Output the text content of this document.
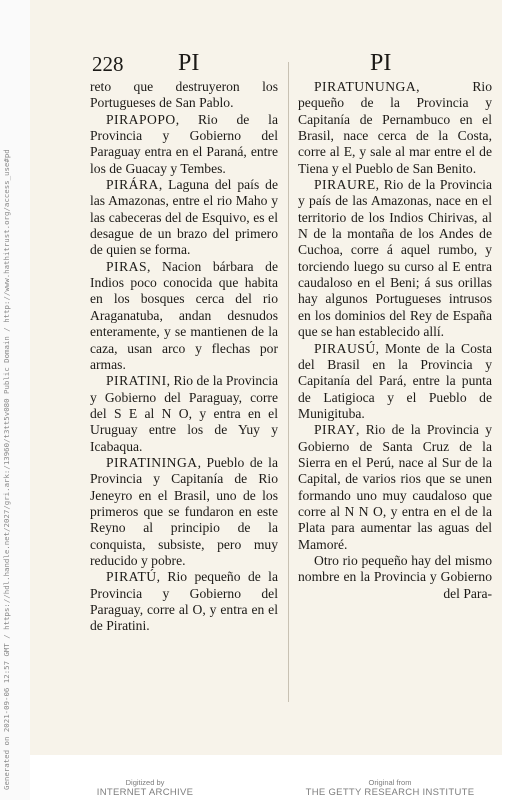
Generated on 2021-09-06 12:57 GMT / https://hdl.handle.net/2027/gri.ark:/13960/t3tt5v080 Public Domain / http://www.hathitrust.org/access_use#pd
228 PI	PI

reto que destruyeron los Portugueses de San Pablo.

PIRAPOPO, Rio de la Provincia y Gobierno del Paraguay entra en el Paraná, entre los de Guacay y Tembes.

PIRÁRA, Laguna del país de las Amazonas, entre el rio Maho y las cabeceras del de Esquivo, es el desague de un brazo del primero de quien se forma.

PIRAS, Nacion bárbara de Indios poco conocida que habita en los bosques cerca del rio Araganatuba, andan desnudos enteramente, y se mantienen de la caza, usan arco y flechas por armas.

PIRATINI, Rio de la Provincia y Gobierno del Paraguay, corre del S E al N O, y entra en el Uruguay entre los de Yuy y Icabaqua.

PIRATININGA, Pueblo de la Provincia y Capitanía de Rio Jeneyro en el Brasil, uno de los primeros que se fundaron en este Reyno al principio de la conquista, subsiste, pero muy reducido y pobre.

PIRATÚ, Rio pequeño de la Provincia y Gobierno del Paraguay, corre al O, y entra en el de Piratini.

PIRATUNUNGA, Rio pequeño de la Provincia y Capitanía de Pernambuco en el Brasil, nace cerca de la Costa, corre al E, y sale al mar entre el de Tiena y el Pueblo de San Benito.

PIRAURE, Rio de la Provincia y país de las Amazonas, nace en el territorio de los Indios Chirivas, al N de la montaña de los Andes de Cuchoa, corre á aquel rumbo, y torciendo luego su curso al E entra caudaloso en el Beni; á sus orillas hay algunos Portugueses intrusos en los dominios del Rey de España que se han establecido allí.

PIRAUSÚ, Monte de la Costa del Brasil en la Provincia y Capitanía del Pará, entre la punta de Latigioca y el Pueblo de Munigituba.

PIRAY, Rio de la Provincia y Gobierno de Santa Cruz de la Sierra en el Perú, nace al Sur de la Capital, de varios rios que se unen formando uno muy caudaloso que corre al N N O, y entra en el de la Plata para aumentar las aguas del Mamoré.

Otro rio pequeño hay del mismo nombre en la Provincia y Gobierno del Para-

Digitized by
INTERNET ARCHIVE
Original from
THE GETTY RESEARCH INSTITUTE
